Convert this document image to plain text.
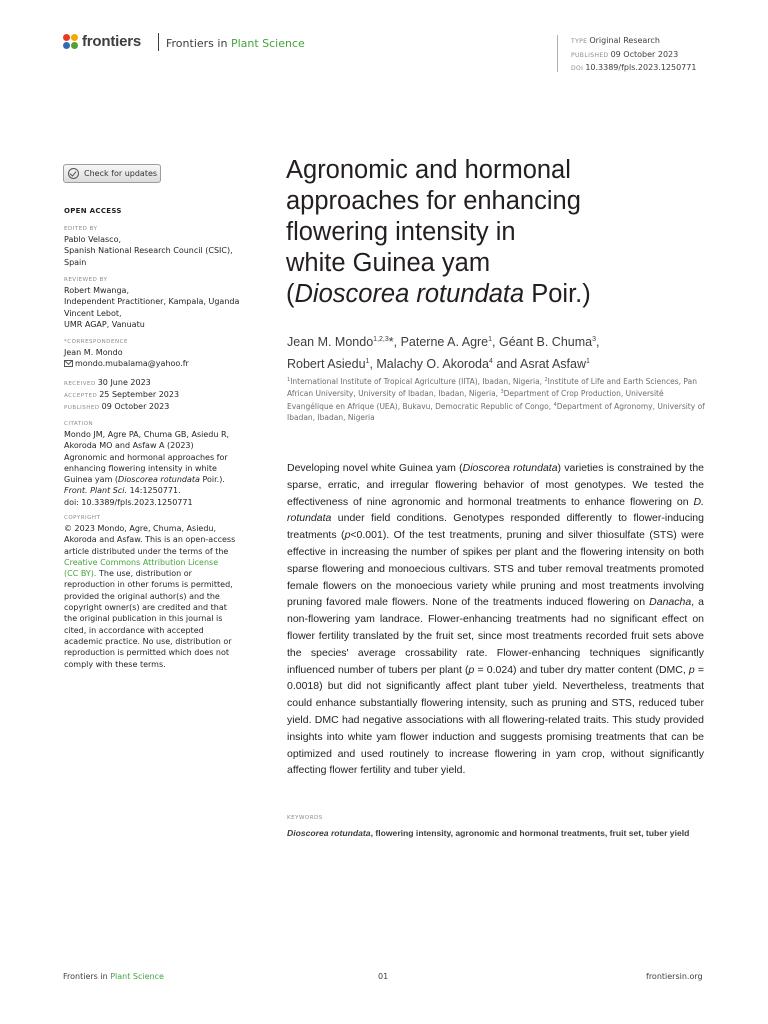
frontiers Frontiers in Plant Science	TYPE Original Research
PUBLISHED 09 October 2023
DOI 10.3389/fpls.2023.1250771
Check for updates
OPEN ACCESS
EDITED BY
Pablo Velasco,
Spanish National Research Council (CSIC),
Spain
REVIEWED BY
Robert Mwanga,
Independent Practitioner, Kampala, Uganda
Vincent Lebot,
UMR AGAP, Vanuatu
*CORRESPONDENCE
Jean M. Mondo
mondo.mubalama@yahoo.fr
RECEIVED 30 June 2023
ACCEPTED 25 September 2023
PUBLISHED 09 October 2023
CITATION
Mondo JM, Agre PA, Chuma GB, Asiedu R,
Akoroda MO and Asfaw A (2023)
Agronomic and hormonal approaches for
enhancing flowering intensity in white
Guinea yam (Dioscorea rotundata Poir.).
Front. Plant Sci. 14:1250771.
doi: 10.3389/fpls.2023.1250771
COPYRIGHT
© 2023 Mondo, Agre, Chuma, Asiedu,
Akoroda and Asfaw. This is an open-access
article distributed under the terms of the
Creative Commons Attribution License
(CC BY). The use, distribution or
reproduction in other forums is permitted,
provided the original author(s) and the
copyright owner(s) are credited and that
the original publication in this journal is
cited, in accordance with accepted
academic practice. No use, distribution or
reproduction is permitted which does not
comply with these terms.
Agronomic and hormonal
approaches for enhancing
flowering intensity in
white Guinea yam
(Dioscorea rotundata Poir.)
Jean M. Mondo$^{1,2,3}$*, Paterne A. Agre$^1$, Géant B. Chuma$^3$,
Robert Asiedu$^1$, Malachy O. Akoroda$^4$ and Asrat Asfaw$^1$
$^1$International Institute of Tropical Agriculture (IITA), Ibadan, Nigeria, $^2$Institute of Life and Earth Sciences, Pan African University, University of Ibadan, Ibadan, Nigeria, $^3$Department of Crop Production, Université Evangélique en Afrique (UEA), Bukavu, Democratic Republic of Congo, $^4$Department of Agronomy, University of Ibadan, Ibadan, Nigeria

Developing novel white Guinea yam (Dioscorea rotundata) varieties is constrained by the sparse, erratic, and irregular flowering behavior of most genotypes. We tested the effectiveness of nine agronomic and hormonal treatments to enhance flowering on D. rotundata under field conditions. Genotypes responded differently to flower-inducing treatments (p<0.001). Of the test treatments, pruning and silver thiosulfate (STS) were effective in increasing the number of spikes per plant and the flowering intensity on both sparse flowering and monoecious cultivars. STS and tuber removal treatments promoted female flowers on the monoecious variety while pruning and most treatments involving pruning favored male flowers. None of the treatments induced flowering on Danacha, a non-flowering yam landrace. Flower-enhancing treatments had no significant effect on flower fertility translated by the fruit set, since most treatments recorded fruit sets above the species' average crossability rate. Flower-enhancing techniques significantly influenced number of tubers per plant (p = 0.024) and tuber dry matter content (DMC, p = 0.0018) but did not significantly affect plant tuber yield. Nevertheless, treatments that could enhance substantially flowering intensity, such as pruning and STS, reduced tuber yield. DMC had negative associations with all flowering-related traits. This study provided insights into white yam flower induction and suggests promising treatments that can be optimized and used routinely to increase flowering in yam crop, without significantly affecting flower fertility and tuber yield.

KEYWORDS
Dioscorea rotundata, flowering intensity, agronomic and hormonal treatments, fruit set, tuber yield
Frontiers in Plant Science	01	frontiersin.org
